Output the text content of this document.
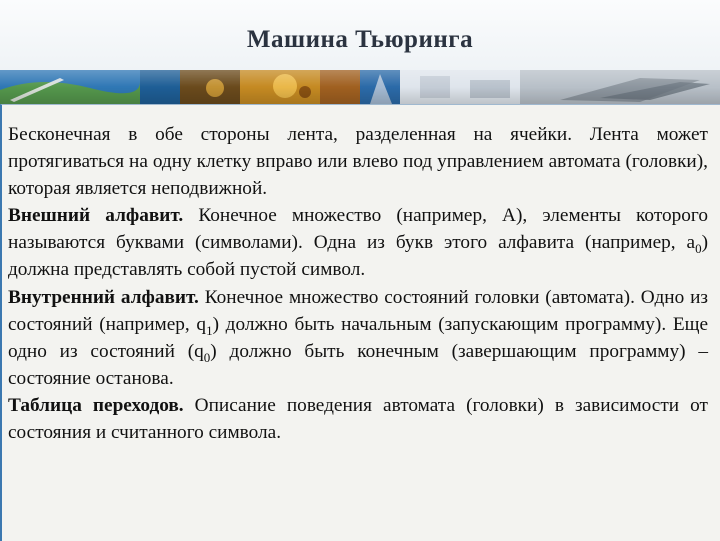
Машина Тьюринга

Бесконечная в обе стороны лента, разделенная на ячейки. Лента может протягиваться на одну клетку вправо или влево под управлением автомата (головки), которая является неподвижной.

Внешний алфавит. Конечное множество (например, А), элементы которого называются буквами (символами). Одна из букв этого алфавита (например, $a_0$) должна представлять собой пустой символ.

Внутренний алфавит. Конечное множество состояний головки (автомата). Одно из состояний (например, $q_1$) должно быть начальным (запускающим программу). Еще одно из состояний $(q_0)$ должно быть конечным (завершающим программу) – состояние останова.

Таблица переходов. Описание поведения автомата (головки) в зависимости от состояния и считанного символа.
